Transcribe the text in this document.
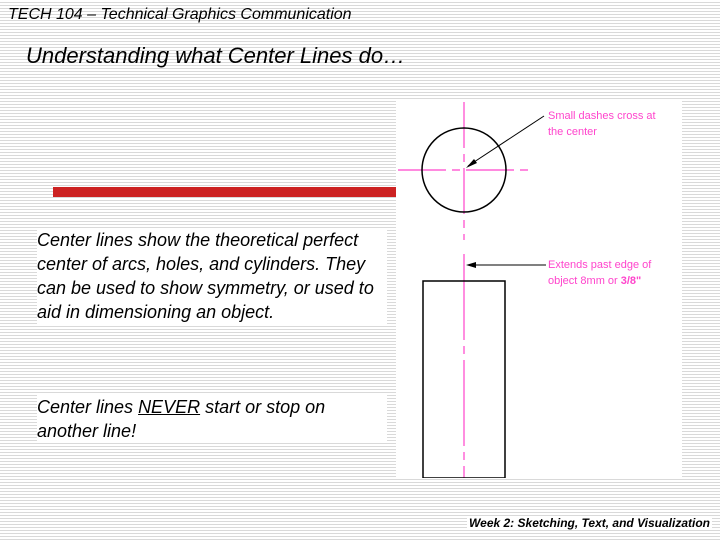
TECH 104 – Technical Graphics Communication
Understanding what Center Lines do…
Small dashes cross at
the center
Extends past edge of
object 8mm or 3/8"
Center lines show the theoretical perfect center of arcs, holes, and cylinders. They can be used to show symmetry, or used to aid in dimensioning an object.
Center lines NEVER start or stop on another line!
Week 2: Sketching, Text, and Visualization
